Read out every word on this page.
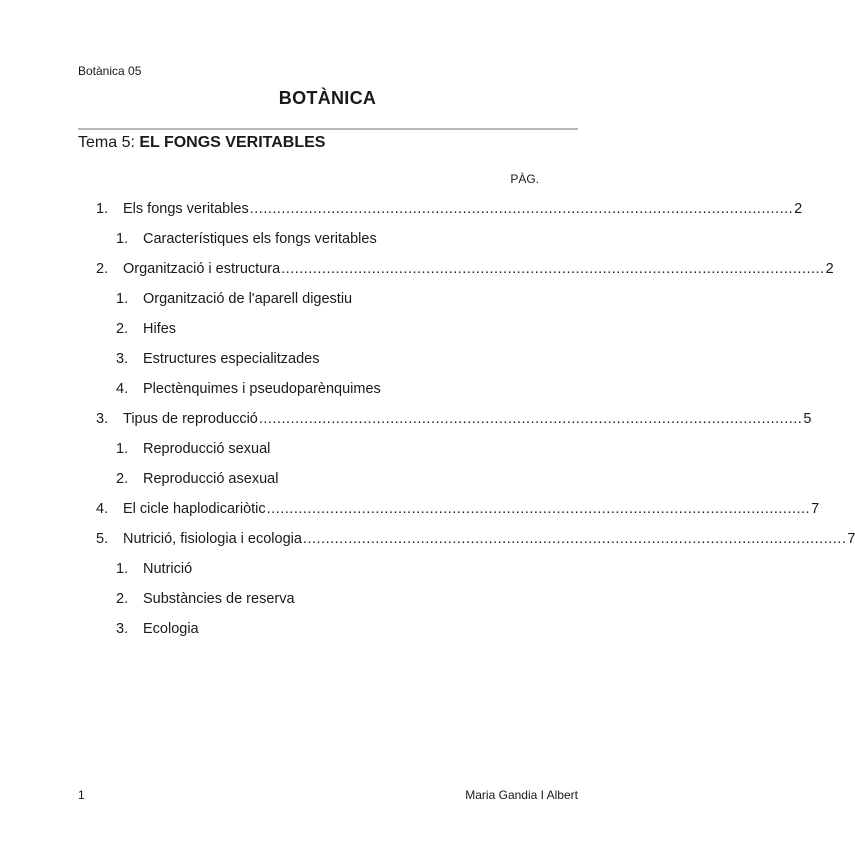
Botànica 05
BOTÀNICA
Tema 5: EL FONGS VERITABLES
PÀG.
1.	Els fongs veritables ........................................................................................................................ 2
1.	Característiques els fongs veritables
2.	Organització i estructura ........................................................................................................................ 2
1.	Organització de l'aparell digestiu
2.	Hifes
3.	Estructures especialitzades
4.	Plectènquimes i pseudoparènquimes
3.	Tipus de reproducció ........................................................................................................................ 5
1.	Reproducció sexual
2.	Reproducció asexual
4.	El cicle haplodicariòtic ........................................................................................................................ 7
5.	Nutrició, fisiologia i ecologia ........................................................................................................................ 7
1.	Nutrició
2.	Substàncies de reserva
3.	Ecologia
1	Maria Gandia I Albert
